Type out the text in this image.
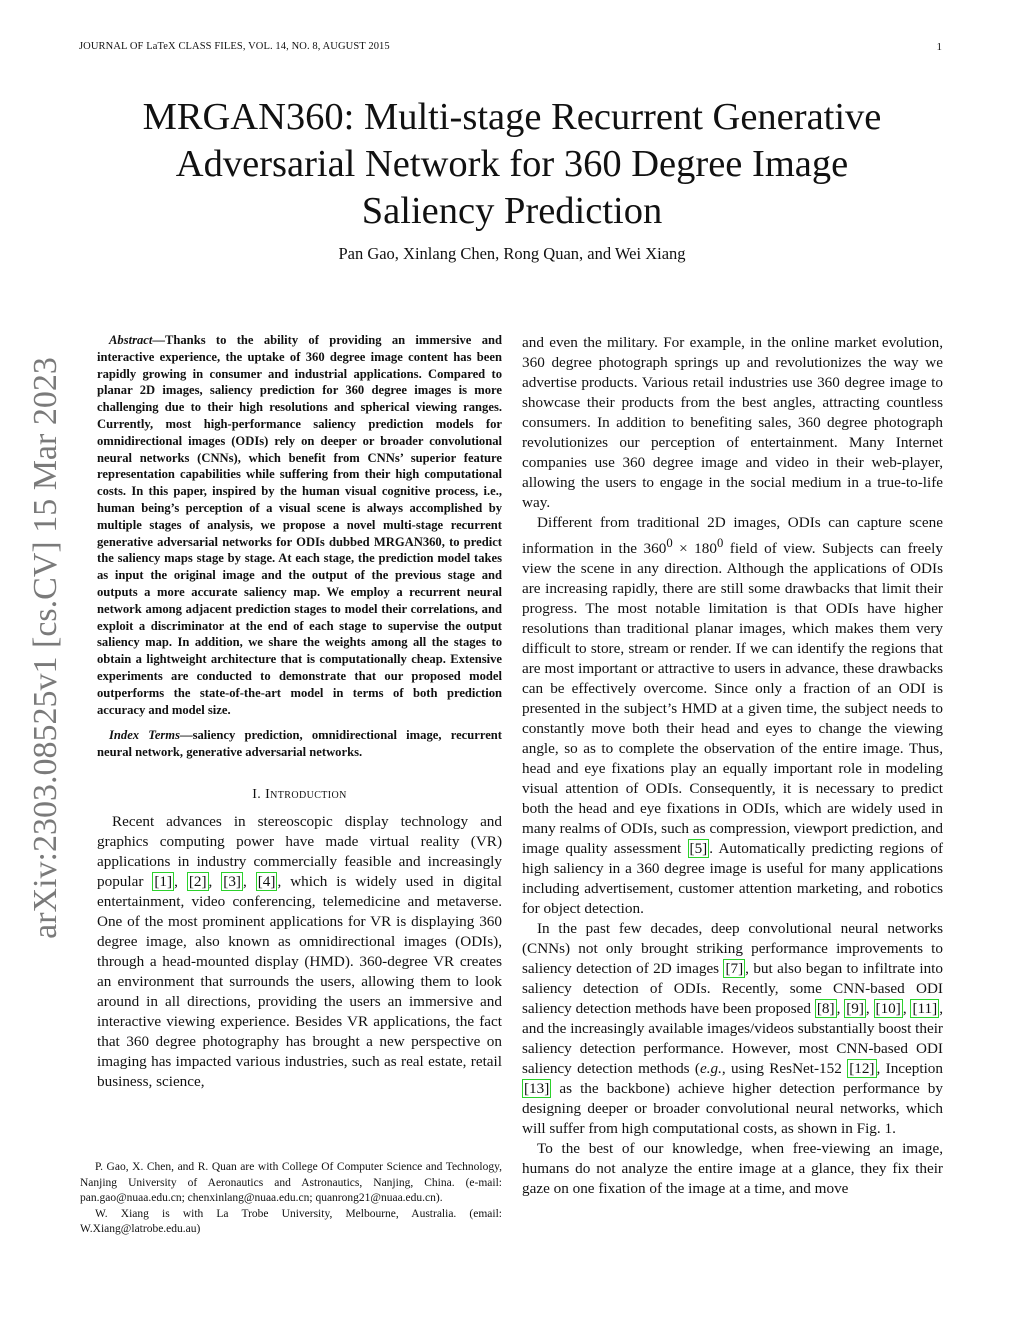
JOURNAL OF LaTeX CLASS FILES, VOL. 14, NO. 8, AUGUST 2015	1
MRGAN360: Multi-stage Recurrent Generative
Adversarial Network for 360 Degree Image
Saliency Prediction
Pan Gao, Xinlang Chen, Rong Quan, and Wei Xiang
arXiv:2303.08525v1 [cs.CV] 15 Mar 2023

Abstract—Thanks to the ability of providing an immersive and interactive experience, the uptake of 360 degree image content has been rapidly growing in consumer and industrial applications. Compared to planar 2D images, saliency prediction for 360 degree images is more challenging due to their high resolutions and spherical viewing ranges. Currently, most high-performance saliency prediction models for omnidirectional images (ODIs) rely on deeper or broader convolutional neural networks (CNNs), which benefit from CNNs’ superior feature representation capabilities while suffering from their high computational costs. In this paper, inspired by the human visual cognitive process, i.e., human being’s perception of a visual scene is always accomplished by multiple stages of analysis, we propose a novel multi-stage recurrent generative adversarial networks for ODIs dubbed MRGAN360, to predict the saliency maps stage by stage. At each stage, the prediction model takes as input the original image and the output of the previous stage and outputs a more accurate saliency map. We employ a recurrent neural network among adjacent prediction stages to model their correlations, and exploit a discriminator at the end of each stage to supervise the output saliency map. In addition, we share the weights among all the stages to obtain a lightweight architecture that is computationally cheap. Extensive experiments are conducted to demonstrate that our proposed model outperforms the state-of-the-art model in terms of both prediction accuracy and model size.

Index Terms—saliency prediction, omnidirectional image, recurrent neural network, generative adversarial networks.

I. Introduction

Recent advances in stereoscopic display technology and graphics computing power have made virtual reality (VR) applications in industry commercially feasible and increasingly popular [1] , [2] , [3] , [4] , which is widely used in digital entertainment, video conferencing, telemedicine and metaverse. One of the most prominent applications for VR is displaying 360 degree image, also known as omnidirectional images (ODIs), through a head-mounted display (HMD). 360-degree VR creates an environment that surrounds the users, allowing them to look around in all directions, providing the users an immersive and interactive viewing experience. Besides VR applications, the fact that 360 degree photography has brought a new perspective on imaging has impacted various industries, such as real estate, retail business, science,

P. Gao, X. Chen, and R. Quan are with College Of Computer Science and Technology, Nanjing University of Aeronautics and Astronautics, Nanjing, China. (e-mail: pan.gao@nuaa.edu.cn; chenxinlang@nuaa.edu.cn; quanrong21@nuaa.edu.cn).

W. Xiang is with La Trobe University, Melbourne, Australia. (email: W.Xiang@latrobe.edu.au)

and even the military. For example, in the online market evolution, 360 degree photograph springs up and revolutionizes the way we advertise products. Various retail industries use 360 degree image to showcase their products from the best angles, attracting countless consumers. In addition to benefiting sales, 360 degree photograph revolutionizes our perception of entertainment. Many Internet companies use 360 degree image and video in their web-player, allowing the users to engage in the social medium in a true-to-life way.

Different from traditional 2D images, ODIs can capture scene information in the $360^0 \times 180^0$ field of view. Subjects can freely view the scene in any direction. Although the applications of ODIs are increasing rapidly, there are still some drawbacks that limit their progress. The most notable limitation is that ODIs have higher resolutions than traditional planar images, which makes them very difficult to store, stream or render. If we can identify the regions that are most important or attractive to users in advance, these drawbacks can be effectively overcome. Since only a fraction of an ODI is presented in the subject’s HMD at a given time, the subject needs to constantly move both their head and eyes to change the viewing angle, so as to complete the observation of the entire image. Thus, head and eye fixations play an equally important role in modeling visual attention of ODIs. Consequently, it is necessary to predict both the head and eye fixations in ODIs, which are widely used in many realms of ODIs, such as compression, viewport prediction, and image quality assessment [5] . Automatically predicting regions of high saliency in a 360 degree image is useful for many applications including advertisement, customer attention marketing, and robotics for object detection.

In the past few decades, deep convolutional neural networks (CNNs) not only brought striking performance improvements to saliency detection of 2D images [7] , but also began to infiltrate into saliency detection of ODIs. Recently, some CNN-based ODI saliency detection methods have been proposed [8] , [9] , [10] , [11] , and the increasingly available images/videos substantially boost their saliency detection performance. However, most CNN-based ODI saliency detection methods (e.g., using ResNet-152 [12] , Inception [13] as the backbone) achieve higher detection performance by designing deeper or broader convolutional neural networks, which will suffer from high computational costs, as shown in Fig. 1.

To the best of our knowledge, when free-viewing an image, humans do not analyze the entire image at a glance, they fix their gaze on one fixation of the image at a time, and move
